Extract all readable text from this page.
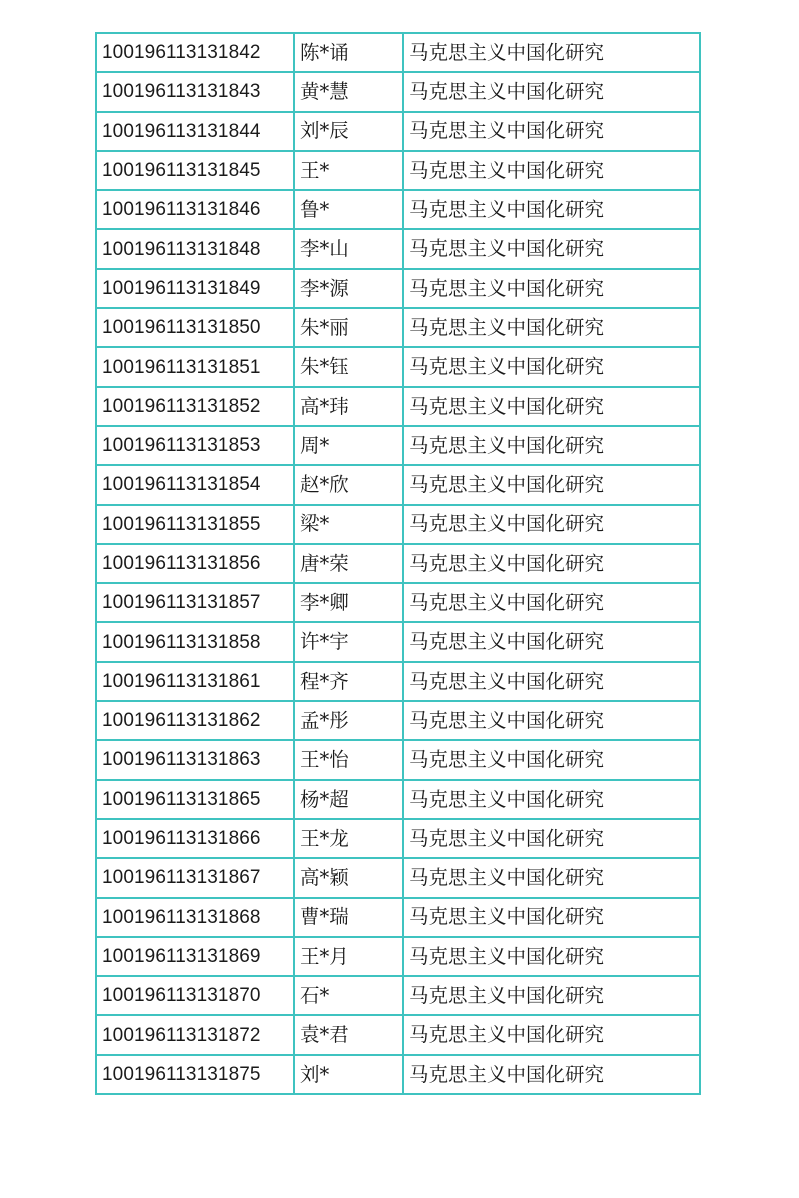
100196113131842	陈*诵	马克思主义中国化研究
100196113131843	黄*慧	马克思主义中国化研究
100196113131844	刘*辰	马克思主义中国化研究
100196113131845	王*	马克思主义中国化研究
100196113131846	鲁*	马克思主义中国化研究
100196113131848	李*山	马克思主义中国化研究
100196113131849	李*源	马克思主义中国化研究
100196113131850	朱*丽	马克思主义中国化研究
100196113131851	朱*钰	马克思主义中国化研究
100196113131852	高*玮	马克思主义中国化研究
100196113131853	周*	马克思主义中国化研究
100196113131854	赵*欣	马克思主义中国化研究
100196113131855	梁*	马克思主义中国化研究
100196113131856	唐*荣	马克思主义中国化研究
100196113131857	李*卿	马克思主义中国化研究
100196113131858	许*宇	马克思主义中国化研究
100196113131861	程*齐	马克思主义中国化研究
100196113131862	孟*彤	马克思主义中国化研究
100196113131863	王*怡	马克思主义中国化研究
100196113131865	杨*超	马克思主义中国化研究
100196113131866	王*龙	马克思主义中国化研究
100196113131867	高*颖	马克思主义中国化研究
100196113131868	曹*瑞	马克思主义中国化研究
100196113131869	王*月	马克思主义中国化研究
100196113131870	石*	马克思主义中国化研究
100196113131872	袁*君	马克思主义中国化研究
100196113131875	刘*	马克思主义中国化研究
